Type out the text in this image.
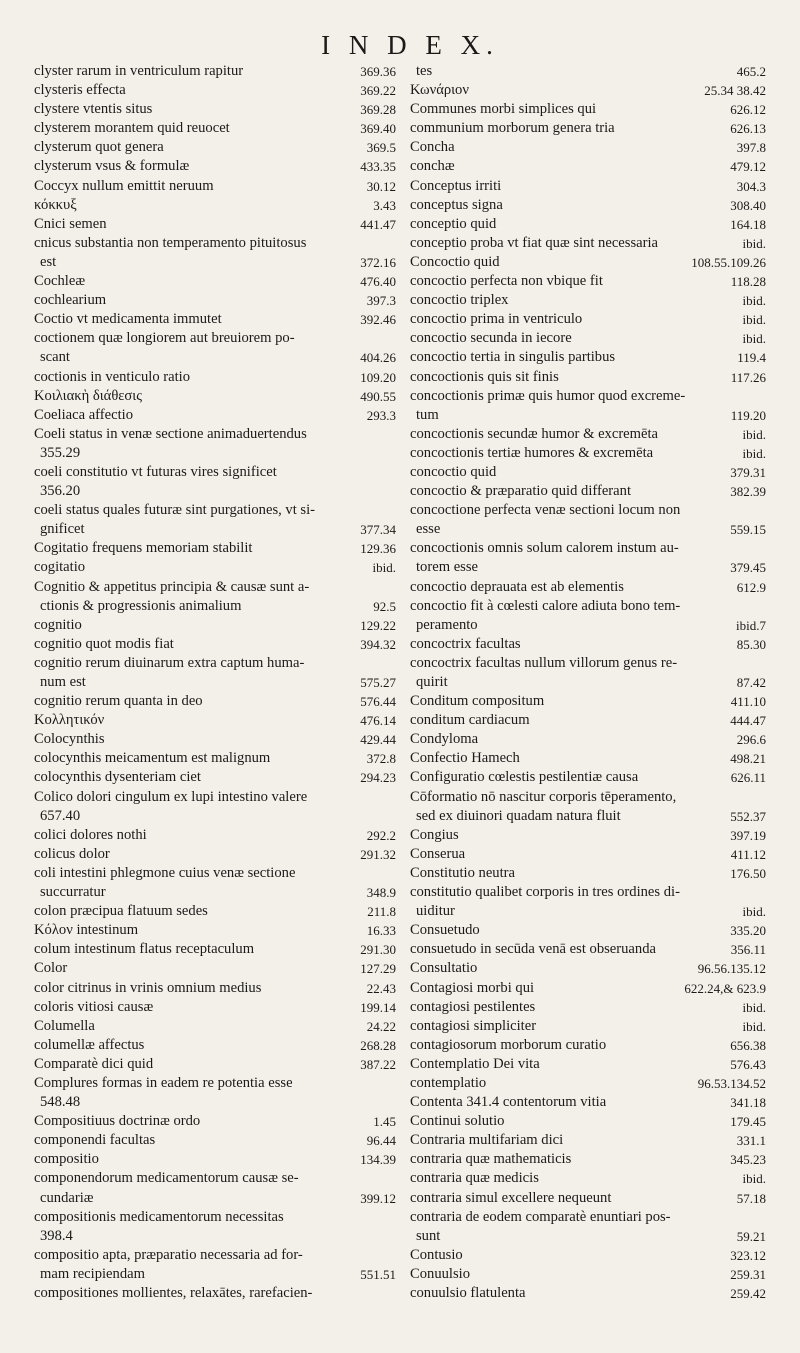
I N D E X.
clyster rarum in ventriculum rapitur	369.36
clysteris effecta	369.22
clystere vtentis situs	369.28
clysterem morantem quid reuocet	369.40
clysterum quot genera	369.5
clysterum vsus & formulæ	433.35
Coccyx nullum emittit neruum	30.12
κόκκυξ	3.43
Cnici semen	441.47
cnicus substantia non temperamento pituitosus
est	372.16
Cochleæ	476.40
cochlearium	397.3
Coctio vt medicamenta immutet	392.46
coctionem quæ longiorem aut breuiorem po-
scant	404.26
coctionis in venticulo ratio	109.20
Κοιλιακὴ διάθεσις	490.55
Coeliaca affectio	293.3
Coeli status in venæ sectione animaduertendus
355.29
coeli constitutio vt futuras vires significet
356.20
coeli status quales futuræ sint purgationes, vt si-
gnificet	377.34
Cogitatio frequens memoriam stabilit	129.36
cogitatio	ibid.
Cognitio & appetitus principia & causæ sunt a-
ctionis & progressionis animalium	92.5
cognitio	129.22
cognitio quot modis fiat	394.32
cognitio rerum diuinarum extra captum huma-
num est	575.27
cognitio rerum quanta in deo	576.44
Κολλητικόν	476.14
Colocynthis	429.44
colocynthis meicamentum est malignum	372.8
colocynthis dysenteriam ciet	294.23
Colico dolori cingulum ex lupi intestino valere
657.40
colici dolores nothi	292.2
colicus dolor	291.32
coli intestini phlegmone cuius venæ sectione
succurratur	348.9
colon præcipua flatuum sedes	211.8
Κόλον intestinum	16.33
colum intestinum flatus receptaculum	291.30
Color	127.29
color citrinus in vrinis omnium medius	22.43
coloris vitiosi causæ	199.14
Columella	24.22
columellæ affectus	268.28
Comparatè dici quid	387.22
Complures formas in eadem re potentia esse
548.48
Compositiuus doctrinæ ordo	1.45
componendi facultas	96.44
compositio	134.39
componendorum medicamentorum causæ se-
cundariæ	399.12
compositionis medicamentorum necessitas
398.4
compositio apta, præparatio necessaria ad for-
mam recipiendam	551.51
compositiones mollientes, relaxātes, rarefacien-
tes	465.2
Κωνάριον	25.34 38.42
Communes morbi simplices qui	626.12
communium morborum genera tria	626.13
Concha	397.8
conchæ	479.12
Conceptus irriti	304.3
conceptus signa	308.40
conceptio quid	164.18
conceptio proba vt fiat quæ sint necessaria	ibid.
Concoctio quid	108.55.109.26
concoctio perfecta non vbique fit	118.28
concoctio triplex	ibid.
concoctio prima in ventriculo	ibid.
concoctio secunda in iecore	ibid.
concoctio tertia in singulis partibus	119.4
concoctionis quis sit finis	117.26
concoctionis primæ quis humor quod excreme-
tum	119.20
concoctionis secundæ humor & excremēta	ibid.
concoctionis tertiæ humores & excremēta	ibid.
concoctio quid	379.31
concoctio & præparatio quid differant	382.39
concoctione perfecta venæ sectioni locum non
esse	559.15
concoctionis omnis solum calorem instum au-
torem esse	379.45
concoctio deprauata est ab elementis	612.9
concoctio fit à cœlesti calore adiuta bono tem-
peramento	ibid.7
concoctrix facultas	85.30
concoctrix facultas nullum villorum genus re-
quirit	87.42
Conditum compositum	411.10
conditum cardiacum	444.47
Condyloma	296.6
Confectio Hamech	498.21
Configuratio cœlestis pestilentiæ causa	626.11
Cōformatio nō nascitur corporis tēperamento,
sed ex diuinori quadam natura fluit	552.37
Congius	397.19
Conserua	411.12
Constitutio neutra	176.50
constitutio qualibet corporis in tres ordines di-
uiditur	ibid.
Consuetudo	335.20
consuetudo in secūda venā est obseruanda	356.11
Consultatio	96.56.135.12
Contagiosi morbi qui	622.24,& 623.9
contagiosi pestilentes	ibid.
contagiosi simpliciter	ibid.
contagiosorum morborum curatio	656.38
Contemplatio Dei vita	576.43
contemplatio	96.53.134.52
Contenta 341.4 contentorum vitia	341.18
Continui solutio	179.45
Contraria multifariam dici	331.1
contraria quæ mathematicis	345.23
contraria quæ medicis	ibid.
contraria simul excellere nequeunt	57.18
contraria de eodem comparatè enuntiari pos-
sunt	59.21
Contusio	323.12
Conuulsio	259.31
conuulsio flatulenta	259.42
